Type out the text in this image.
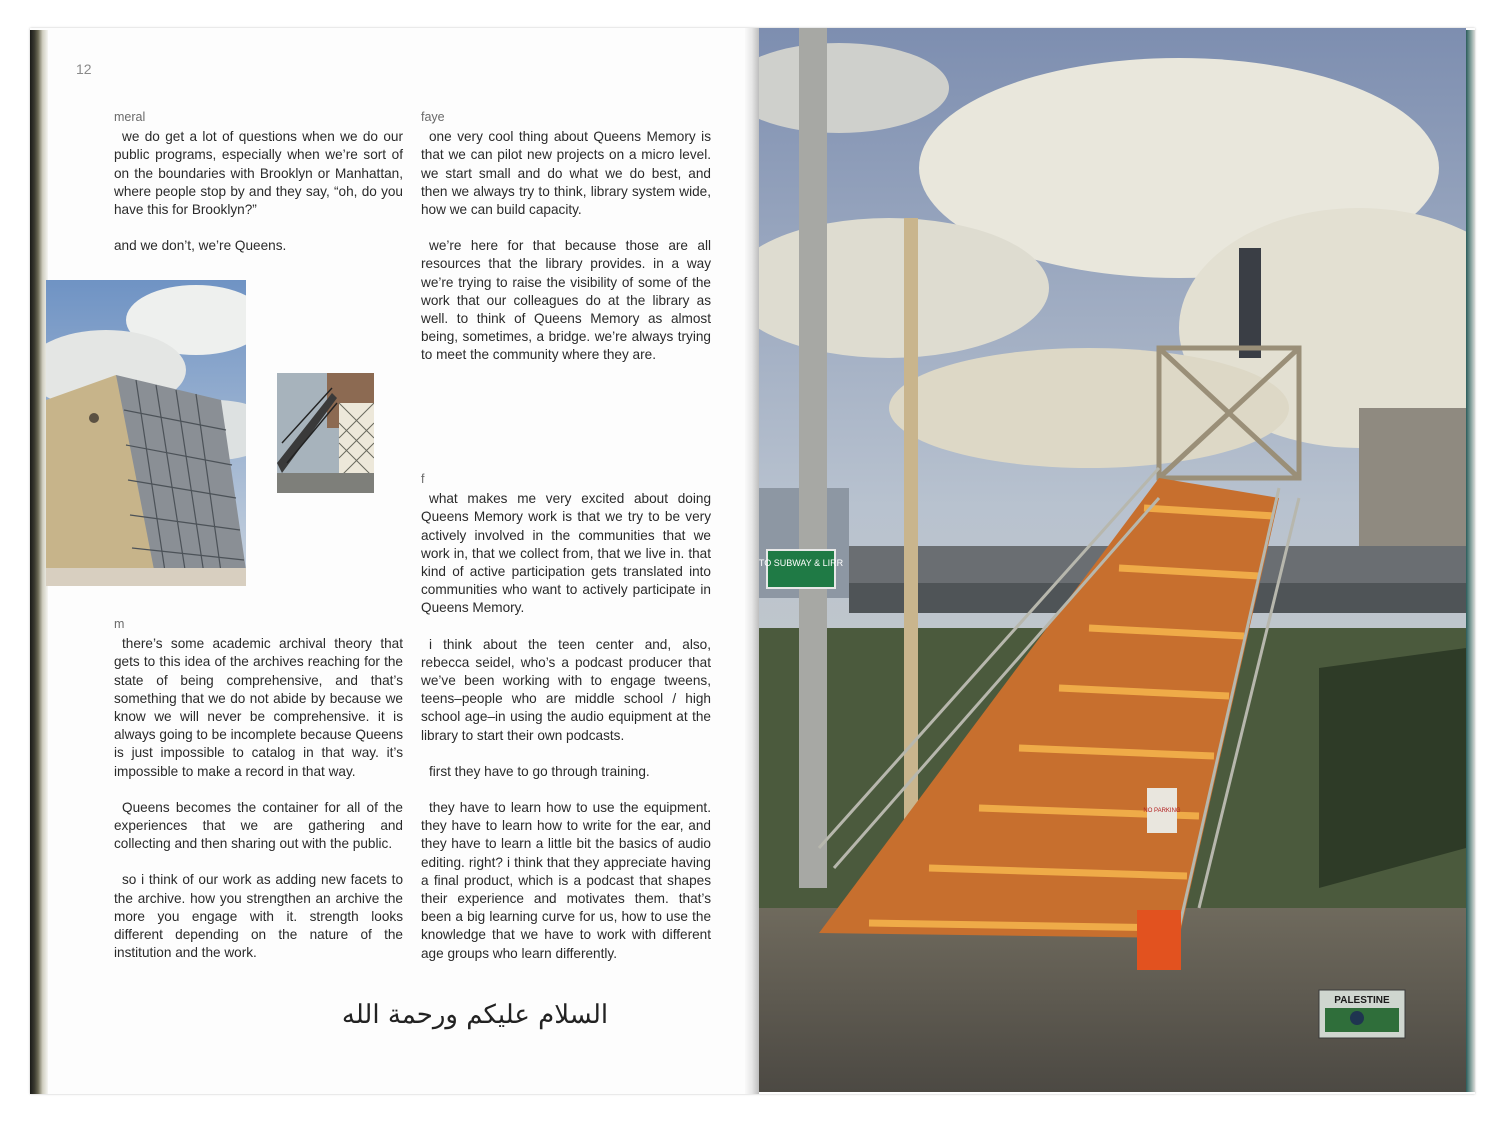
12
meral

we do get a lot of questions when we do our public programs, especially when we’re sort of on the boundaries with Brooklyn or Manhattan, where people stop by and they say, “oh, do you have this for Brooklyn?”

and we don’t, we’re Queens.

m

there’s some academic archival theory that gets to this idea of the archives reaching for the state of being comprehensive, and that’s something that we do not abide by because we know we will never be comprehensive. it is always going to be incomplete because Queens is just impossible to catalog in that way. it’s impossible to make a record in that way.

Queens becomes the container for all of the experiences that we are gathering and collecting and then sharing out with the public.

so i think of our work as adding new facets to the archive. how you strengthen an archive the more you engage with it. strength looks different depending on the nature of the institution and the work.

faye

one very cool thing about Queens Memory is that we can pilot new projects on a micro level. we start small and do what we do best, and then we always try to think, library system wide, how we can build capacity.

we’re here for that because those are all resources that the library provides. in a way we’re trying to raise the visibility of some of the work that our colleagues do at the library as well. to think of Queens Memory as almost being, sometimes, a bridge. we’re always trying to meet the community where they are.

f

what makes me very excited about doing Queens Memory work is that we try to be very actively involved in the communities that we work in, that we collect from, that we live in. that kind of active participation gets translated into communities who want to actively participate in Queens Memory.

i think about the teen center and, also, rebecca seidel, who’s a podcast producer that we’ve been working with to engage tweens, teens–people who are middle school / high school age–in using the audio equipment at the library to start their own podcasts.

first they have to go through training.

they have to learn how to use the equipment. they have to learn how to write for the ear, and they have to learn a little bit the basics of audio editing. right? i think that they appreciate having a final product, which is a podcast that shapes their experience and motivates them. that’s been a big learning curve for us, how to use the knowledge that we have to work with different age groups who learn differently.

السلام عليكم ورحمة الله
TO SUBWAY & LIRR
NO PARKING
PALESTINE
